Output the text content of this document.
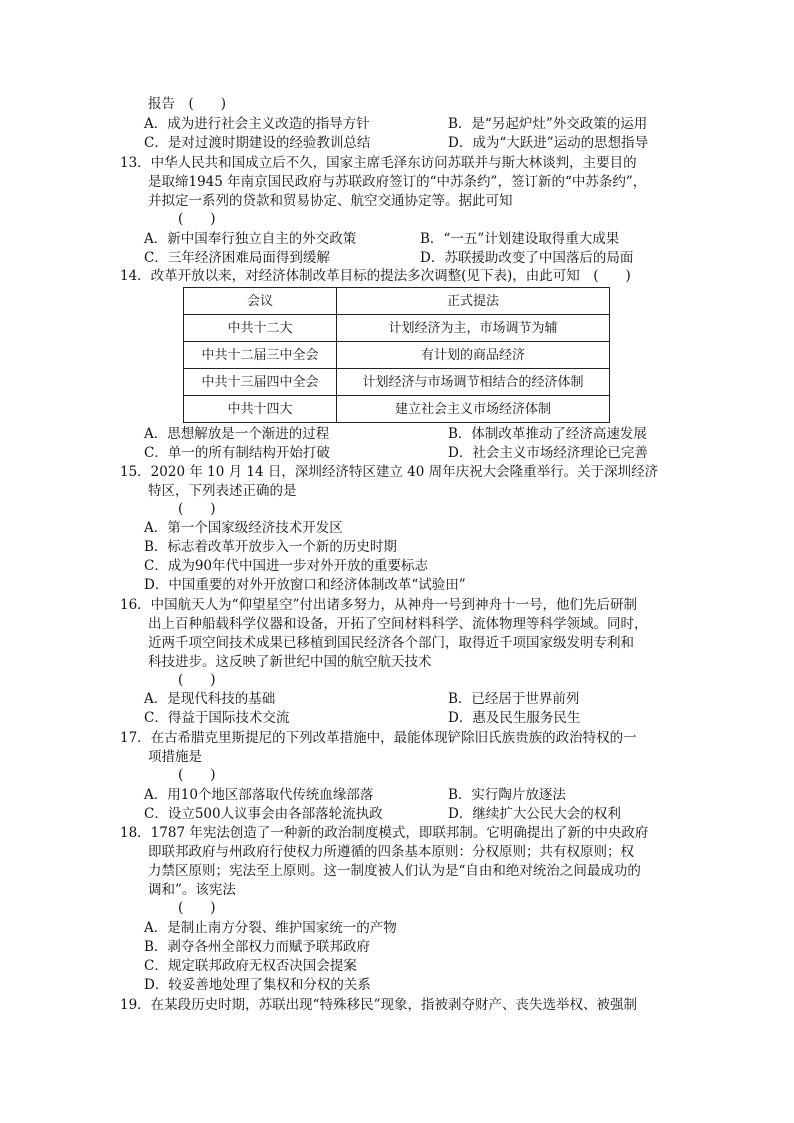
报告　(　　)
A．成为进行社会主义改造的指导方针	B．是“另起炉灶”外交政策的运用
C．是对过渡时期建设的经验教训总结	D．成为“大跃进”运动的思想指导
13．中华人民共和国成立后不久，国家主席毛泽东访问苏联并与斯大林谈判，主要目的
是取缔1945 年南京国民政府与苏联政府签订的“中苏条约”，签订新的“中苏条约”，
并拟定一系列的贷款和贸易协定、航空交通协定等。据此可知
(　　)
A．新中国奉行独立自主的外交政策	B．“一五”计划建设取得重大成果
C．三年经济困难局面得到缓解	D．苏联援助改变了中国落后的局面
14．改革开放以来，对经济体制改革目标的提法多次调整(见下表)，由此可知　(　　)
会议	正式提法
中共十二大	计划经济为主，市场调节为辅
中共十二届三中全会	有计划的商品经济
中共十三届四中全会	计划经济与市场调节相结合的经济体制
中共十四大	建立社会主义市场经济体制
A．思想解放是一个渐进的过程	B．体制改革推动了经济高速发展
C．单一的所有制结构开始打破	D．社会主义市场经济理论已完善
15．2020 年 10 月 14 日，深圳经济特区建立 40 周年庆祝大会隆重举行。关于深圳经济
特区，下列表述正确的是
(　　)
A．第一个国家级经济技术开发区
B．标志着改革开放步入一个新的历史时期
C．成为90年代中国进一步对外开放的重要标志
D．中国重要的对外开放窗口和经济体制改革“试验田”
16．中国航天人为“仰望星空”付出诸多努力，从神舟一号到神舟十一号，他们先后研制
出上百种船载科学仪器和设备，开拓了空间材料科学、流体物理等科学领域。同时，
近两千项空间技术成果已移植到国民经济各个部门，取得近千项国家级发明专利和
科技进步。这反映了新世纪中国的航空航天技术
(　　)
A．是现代科技的基础	B．已经居于世界前列
C．得益于国际技术交流	D．惠及民生服务民生
17．在古希腊克里斯提尼的下列改革措施中，最能体现铲除旧氏族贵族的政治特权的一
项措施是
(　　)
A．用10个地区部落取代传统血缘部落	B．实行陶片放逐法
C．设立500人议事会由各部落轮流执政	D．继续扩大公民大会的权利
18．1787 年宪法创造了一种新的政治制度模式，即联邦制。它明确提出了新的中央政府
即联邦政府与州政府行使权力所遵循的四条基本原则：分权原则；共有权原则；权
力禁区原则；宪法至上原则。这一制度被人们认为是“自由和绝对统治之间最成功的
调和”。该宪法
(　　)
A．是制止南方分裂、维护国家统一的产物
B．剥夺各州全部权力而赋予联邦政府
C．规定联邦政府无权否决国会提案
D．较妥善地处理了集权和分权的关系
19．在某段历史时期，苏联出现“特殊移民”现象，指被剥夺财产、丧失选举权、被强制
